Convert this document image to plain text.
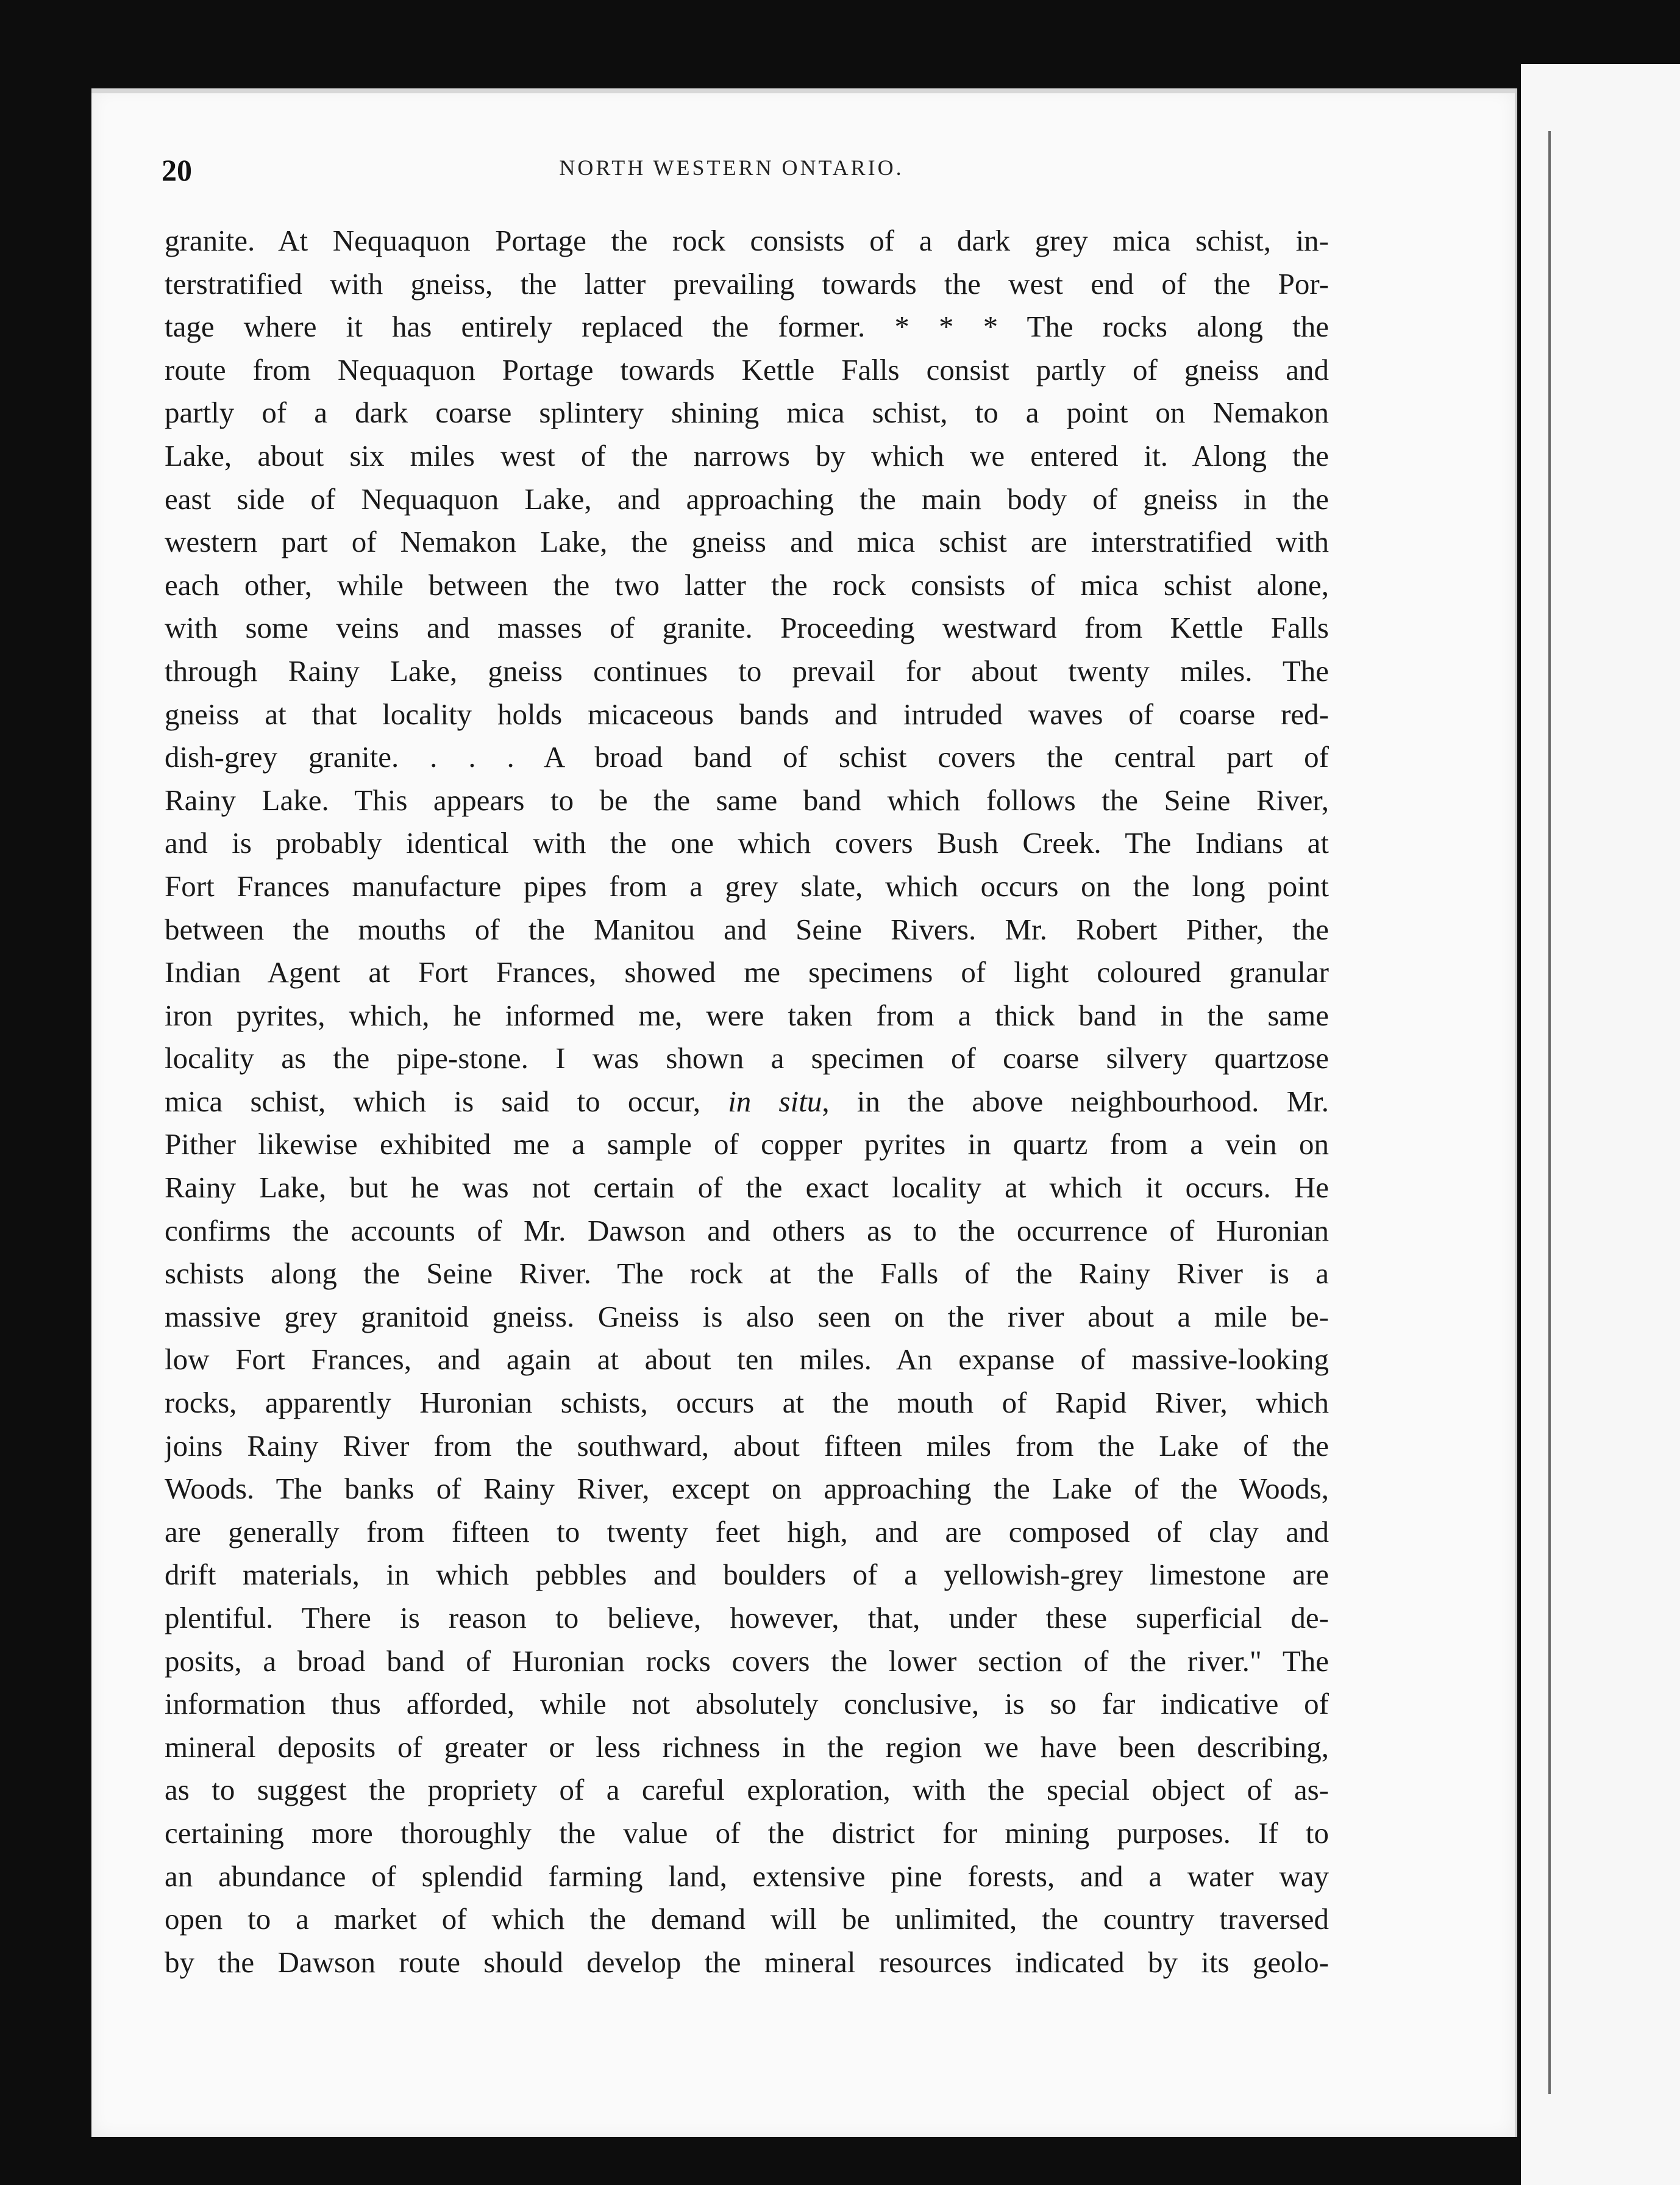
20	NORTH WESTERN ONTARIO.
granite. At Nequaquon Portage the rock consists of a dark grey mica schist, in-
terstratified with gneiss, the latter prevailing towards the west end of the Por-
tage where it has entirely replaced the former. * * * The rocks along the
route from Nequaquon Portage towards Kettle Falls consist partly of gneiss and
partly of a dark coarse splintery shining mica schist, to a point on Nemakon
Lake, about six miles west of the narrows by which we entered it. Along the
east side of Nequaquon Lake, and approaching the main body of gneiss in the
western part of Nemakon Lake, the gneiss and mica schist are interstratified with
each other, while between the two latter the rock consists of mica schist alone,
with some veins and masses of granite. Proceeding westward from Kettle Falls
through Rainy Lake, gneiss continues to prevail for about twenty miles. The
gneiss at that locality holds micaceous bands and intruded waves of coarse red-
dish-grey granite. . . . A broad band of schist covers the central part of
Rainy Lake. This appears to be the same band which follows the Seine River,
and is probably identical with the one which covers Bush Creek. The Indians at
Fort Frances manufacture pipes from a grey slate, which occurs on the long point
between the mouths of the Manitou and Seine Rivers. Mr. Robert Pither, the
Indian Agent at Fort Frances, showed me specimens of light coloured granular
iron pyrites, which, he informed me, were taken from a thick band in the same
locality as the pipe-stone. I was shown a specimen of coarse silvery quartzose
mica schist, which is said to occur, in situ, in the above neighbourhood. Mr.
Pither likewise exhibited me a sample of copper pyrites in quartz from a vein on
Rainy Lake, but he was not certain of the exact locality at which it occurs. He
confirms the accounts of Mr. Dawson and others as to the occurrence of Huronian
schists along the Seine River. The rock at the Falls of the Rainy River is a
massive grey granitoid gneiss. Gneiss is also seen on the river about a mile be-
low Fort Frances, and again at about ten miles. An expanse of massive-looking
rocks, apparently Huronian schists, occurs at the mouth of Rapid River, which
joins Rainy River from the southward, about fifteen miles from the Lake of the
Woods. The banks of Rainy River, except on approaching the Lake of the Woods,
are generally from fifteen to twenty feet high, and are composed of clay and
drift materials, in which pebbles and boulders of a yellowish-grey limestone are
plentiful. There is reason to believe, however, that, under these superficial de-
posits, a broad band of Huronian rocks covers the lower section of the river." The
information thus afforded, while not absolutely conclusive, is so far indicative of
mineral deposits of greater or less richness in the region we have been describing,
as to suggest the propriety of a careful exploration, with the special object of as-
certaining more thoroughly the value of the district for mining purposes. If to
an abundance of splendid farming land, extensive pine forests, and a water way
open to a market of which the demand will be unlimited, the country traversed
by the Dawson route should develop the mineral resources indicated by its geolo-
